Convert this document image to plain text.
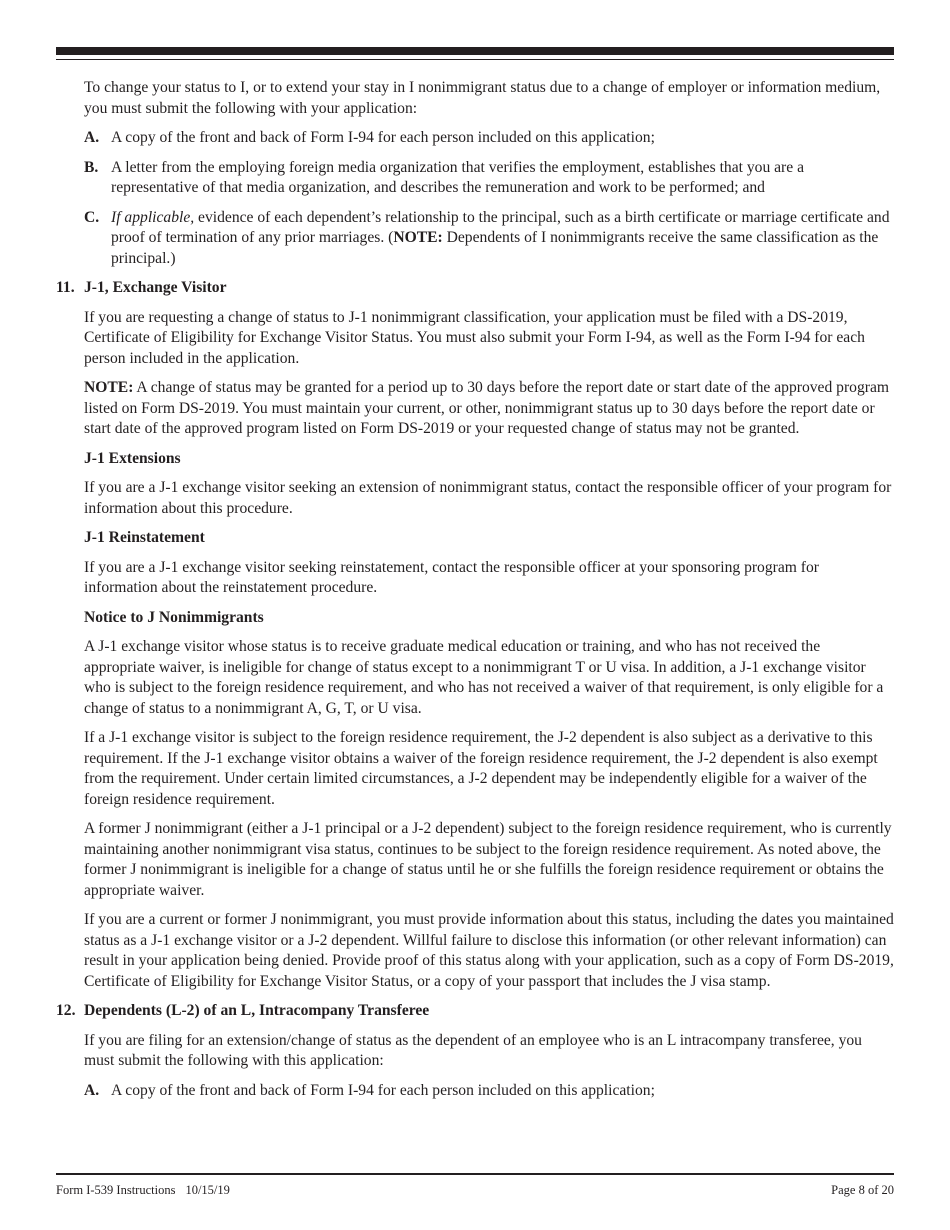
To change your status to I, or to extend your stay in I nonimmigrant status due to a change of employer or information medium, you must submit the following with your application:

A. A copy of the front and back of Form I-94 for each person included on this application;
B. A letter from the employing foreign media organization that verifies the employment, establishes that you are a representative of that media organization, and describes the remuneration and work to be performed; and
C. If applicable, evidence of each dependent’s relationship to the principal, such as a birth certificate or marriage certificate and proof of termination of any prior marriages. (NOTE: Dependents of I nonimmigrants receive the same classification as the principal.)
11. J-1, Exchange Visitor

If you are requesting a change of status to J-1 nonimmigrant classification, your application must be filed with a DS-2019, Certificate of Eligibility for Exchange Visitor Status. You must also submit your Form I-94, as well as the Form I-94 for each person included in the application.

NOTE: A change of status may be granted for a period up to 30 days before the report date or start date of the approved program listed on Form DS-2019. You must maintain your current, or other, nonimmigrant status up to 30 days before the report date or start date of the approved program listed on Form DS-2019 or your requested change of status may not be granted.

J-1 Extensions

If you are a J-1 exchange visitor seeking an extension of nonimmigrant status, contact the responsible officer of your program for information about this procedure.

J-1 Reinstatement

If you are a J-1 exchange visitor seeking reinstatement, contact the responsible officer at your sponsoring program for information about the reinstatement procedure.

Notice to J Nonimmigrants

A J-1 exchange visitor whose status is to receive graduate medical education or training, and who has not received the appropriate waiver, is ineligible for change of status except to a nonimmigrant T or U visa. In addition, a J-1 exchange visitor who is subject to the foreign residence requirement, and who has not received a waiver of that requirement, is only eligible for a change of status to a nonimmigrant A, G, T, or U visa.

If a J-1 exchange visitor is subject to the foreign residence requirement, the J-2 dependent is also subject as a derivative to this requirement. If the J-1 exchange visitor obtains a waiver of the foreign residence requirement, the J-2 dependent is also exempt from the requirement. Under certain limited circumstances, a J-2 dependent may be independently eligible for a waiver of the foreign residence requirement.

A former J nonimmigrant (either a J-1 principal or a J-2 dependent) subject to the foreign residence requirement, who is currently maintaining another nonimmigrant visa status, continues to be subject to the foreign residence requirement. As noted above, the former J nonimmigrant is ineligible for a change of status until he or she fulfills the foreign residence requirement or obtains the appropriate waiver.

If you are a current or former J nonimmigrant, you must provide information about this status, including the dates you maintained status as a J-1 exchange visitor or a J-2 dependent. Willful failure to disclose this information (or other relevant information) can result in your application being denied. Provide proof of this status along with your application, such as a copy of Form DS-2019, Certificate of Eligibility for Exchange Visitor Status, or a copy of your passport that includes the J visa stamp.

12. Dependents (L-2) of an L, Intracompany Transferee

If you are filing for an extension/change of status as the dependent of an employee who is an L intracompany transferee, you must submit the following with this application:

A. A copy of the front and back of Form I-94 for each person included on this application;
Form I-539 Instructions 10/15/19	Page 8 of 20
